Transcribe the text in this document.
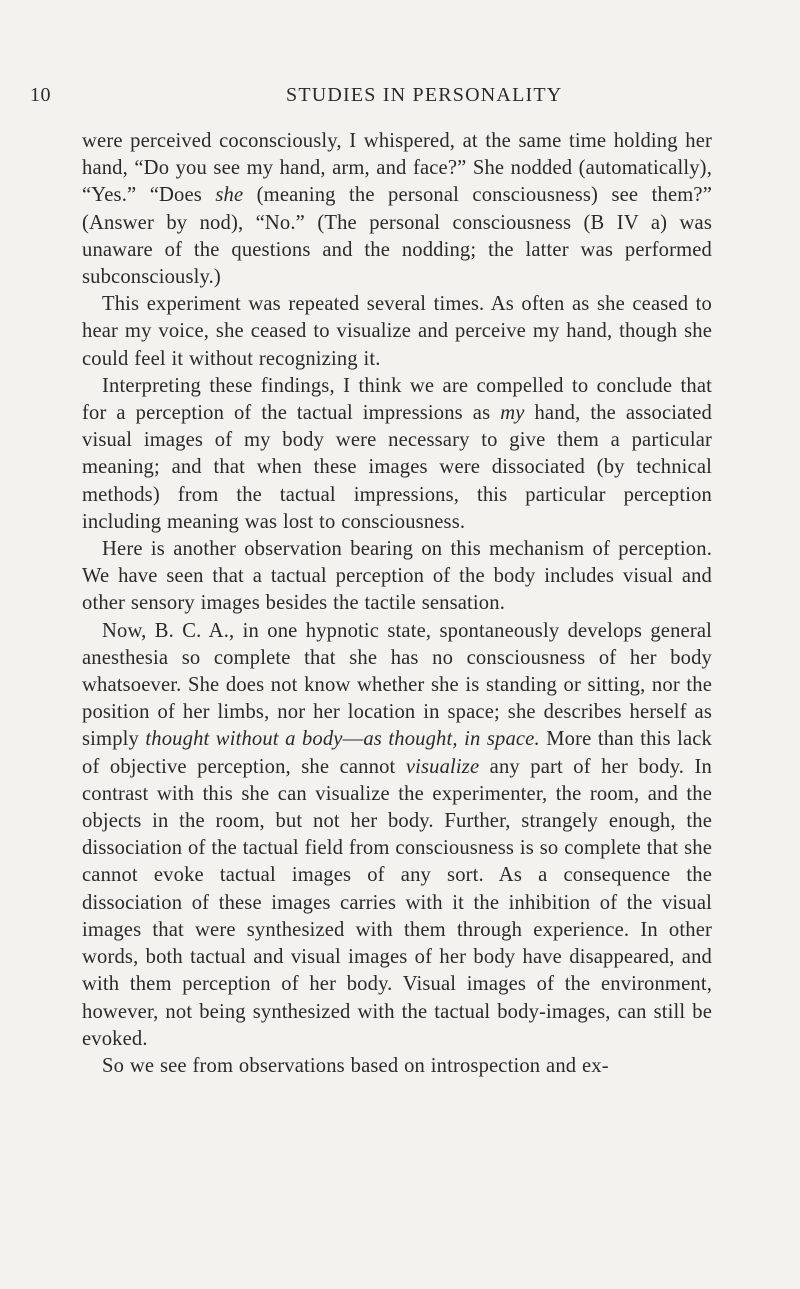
10	STUDIES IN PERSONALITY

were perceived coconsciously, I whispered, at the same time holding her hand, “Do you see my hand, arm, and face?” She nodded (automatically), “Yes.” “Does she (meaning the personal consciousness) see them?” (Answer by nod), “No.” (The personal consciousness (B IV a) was unaware of the questions and the nodding; the latter was performed subconsciously.)

This experiment was repeated several times. As often as she ceased to hear my voice, she ceased to visualize and perceive my hand, though she could feel it without recognizing it.

Interpreting these findings, I think we are compelled to conclude that for a perception of the tactual impressions as my hand, the associated visual images of my body were necessary to give them a particular meaning; and that when these images were dissociated (by technical methods) from the tactual impressions, this particular perception including meaning was lost to consciousness.

Here is another observation bearing on this mechanism of perception. We have seen that a tactual perception of the body includes visual and other sensory images besides the tactile sensation.

Now, B. C. A., in one hypnotic state, spontaneously develops general anesthesia so complete that she has no consciousness of her body whatsoever. She does not know whether she is standing or sitting, nor the position of her limbs, nor her location in space; she describes herself as simply thought without a body—as thought, in space. More than this lack of objective perception, she cannot visualize any part of her body. In contrast with this she can visualize the experimenter, the room, and the objects in the room, but not her body. Further, strangely enough, the dissociation of the tactual field from consciousness is so complete that she cannot evoke tactual images of any sort. As a consequence the dissociation of these images carries with it the inhibition of the visual images that were synthesized with them through experience. In other words, both tactual and visual images of her body have disappeared, and with them perception of her body. Visual images of the environment, however, not being synthesized with the tactual body-images, can still be evoked.

So we see from observations based on introspection and ex-
